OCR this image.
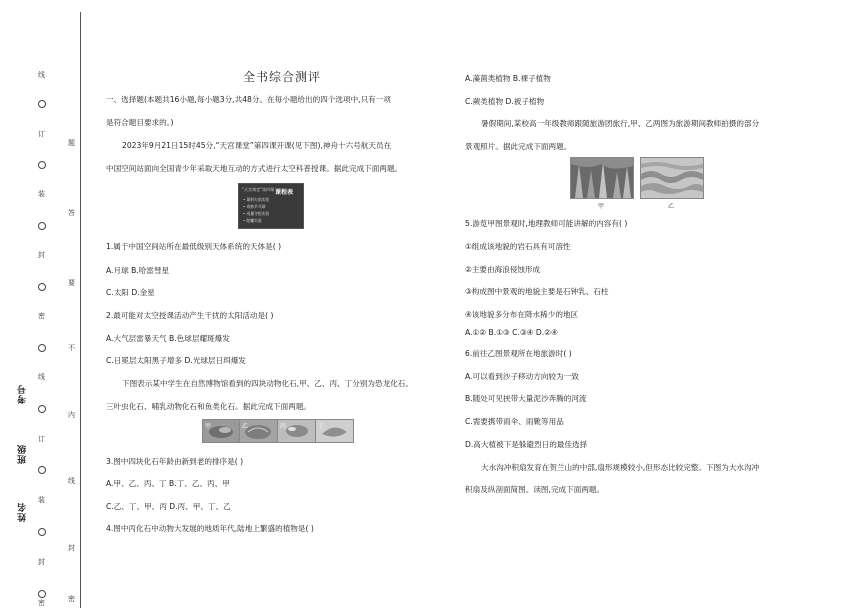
线
订
装
封
密
线
订
装
封
密
题
答
要
不
内
线
封
密
考号
班级
姓名
全书综合测评
一、选择题(本题共16小题,每小题3分,共48分。在每小题给出的四个选项中,只有一项
是符合题目要求的。)
2023年9月21日15时45分,“天宫课堂”第四课开课(见下图),神舟十六号航天员在
中国空间站面向全国青少年采取天地互动的方式进行太空科普授课。据此完成下面两题。
“天宫课堂”第四课 课程表
• 球形火焰实验
• 奇妙乒乓球
• 动量守恒实验
• 陀螺实验
1.属于中国空间站所在最低级别天体系统的天体是( )
A.月球 B.哈雷彗星
C.太阳 D.金星
2.最可能对太空授课活动产生干扰的太阳活动是( )
A.大气层雷暴天气 B.色球层耀斑爆发
C.日冕层太阳黑子增多 D.光球层日珥爆发
下图表示某中学生在自然博物馆看到的四块动物化石,甲、乙、丙、丁分别为恐龙化石、
三叶虫化石、哺乳动物化石和鱼类化石。据此完成下面两题。
甲	乙	丙	丁
3.图中四块化石年龄由新到老的排序是( )
A.甲、乙、丙、丁 B.丁、乙、丙、甲
C.乙、丁、甲、丙 D.丙、甲、丁、乙
4.图中丙化石中动物大发展的地质年代,陆地上繁盛的植物是( )
A.藻菌类植物 B.裸子植物
C.蕨类植物 D.被子植物
暑假期间,某校高一年级教师跟随旅游团旅行,甲、乙两图为旅游期间教师拍摄的部分
景观照片。据此完成下面两题。
甲	乙
5.游览甲图景观时,地理教师可能讲解的内容有( )
①组成该地貌的岩石具有可溶性
②主要由海浪侵蚀形成
③构成图中景观的地貌主要是石钟乳、石柱
④该地貌多分布在降水稀少的地区
A.①② B.①③ C.③④ D.②④
6.前往乙图景观所在地旅游时( )
A.可以看到沙子移动方向较为一致
B.随处可见挟带大量泥沙奔腾的河流
C.需要携带雨伞、雨靴等用品
D.高大植被下是躲避烈日的最佳选择
大水沟冲积扇发育在贺兰山的中部,扇形规模较小,但形态比较完整。下图为大水沟冲
积扇及纵剖面简图。读图,完成下面两题。
